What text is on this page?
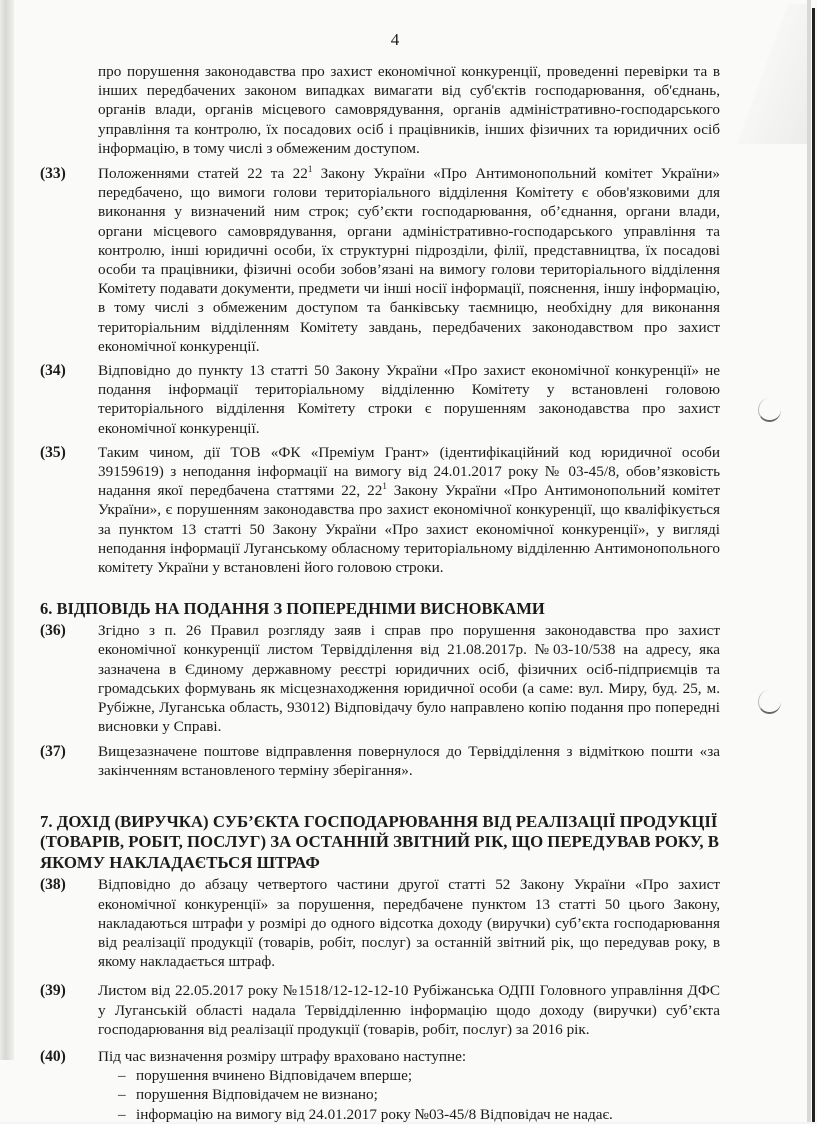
4
про порушення законодавства про захист економічної конкуренції, проведенні перевірки та в інших передбачених законом випадках вимагати від суб'єктів господарювання, об'єднань, органів влади, органів місцевого самоврядування, органів адміністративно-господарського управління та контролю, їх посадових осіб і працівників, інших фізичних та юридичних осіб інформацію, в тому числі з обмеженим доступом.
(33)	Положеннями статей 22 та $22^1$ Закону України «Про Антимонопольний комітет України» передбачено, що вимоги голови територіального відділення Комітету є обов'язковими для виконання у визначений ним строк; суб’єкти господарювання, об’єднання, органи влади, органи місцевого самоврядування, органи адміністративно-господарського управління та контролю, інші юридичні особи, їх структурні підрозділи, філії, представництва, їх посадові особи та працівники, фізичні особи зобов’язані на вимогу голови територіального відділення Комітету подавати документи, предмети чи інші носії інформації, пояснення, іншу інформацію, в тому числі з обмеженим доступом та банківську таємницю, необхідну для виконання територіальним відділенням Комітету завдань, передбачених законодавством про захист економічної конкуренції.
(34)	Відповідно до пункту 13 статті 50 Закону України «Про захист економічної конкуренції» не подання інформації територіальному відділенню Комітету у встановлені головою територіального відділення Комітету строки є порушенням законодавства про захист економічної конкуренції.
(35)	Таким чином, дії ТОВ «ФК «Преміум Грант» (ідентифікаційний код юридичної особи 39159619) з неподання інформації на вимогу від 24.01.2017 року № 03-45/8, обов’язковість надання якої передбачена статтями 22, $22^1$ Закону України «Про Антимонопольний комітет України», є порушенням законодавства про захист економічної конкуренції, що кваліфікується за пунктом 13 статті 50 Закону України «Про захист економічної конкуренції», у вигляді неподання інформації Луганському обласному територіальному відділенню Антимонопольного комітету України у встановлені його головою строки.
6. ВІДПОВІДЬ НА ПОДАННЯ З ПОПЕРЕДНІМИ ВИСНОВКАМИ
(36)	Згідно з п. 26 Правил розгляду заяв і справ про порушення законодавства про захист економічної конкуренції листом Тервідділення від 21.08.2017р. №03-10/538 на адресу, яка зазначена в Єдиному державному реєстрі юридичних осіб, фізичних осіб-підприємців та громадських формувань як місцезнаходження юридичної особи (а саме: вул. Миру, буд. 25, м. Рубіжне, Луганська область, 93012) Відповідачу було направлено копію подання про попередні висновки у Справі.
(37)	Вищезазначене поштове відправлення повернулося до Тервідділення з відміткою пошти «за закінченням встановленого терміну зберігання».
7. ДОХІД (ВИРУЧКА) СУБ’ЄКТА ГОСПОДАРЮВАННЯ ВІД РЕАЛІЗАЦІЇ ПРОДУКЦІЇ (ТОВАРІВ, РОБІТ, ПОСЛУГ) ЗА ОСТАННІЙ ЗВІТНИЙ РІК, ЩО ПЕРЕДУВАВ РОКУ, В ЯКОМУ НАКЛАДАЄТЬСЯ ШТРАФ
(38)	Відповідно до абзацу четвертого частини другої статті 52 Закону України «Про захист економічної конкуренції» за порушення, передбачене пунктом 13 статті 50 цього Закону, накладаються штрафи у розмірі до одного відсотка доходу (виручки) суб’єкта господарювання від реалізації продукції (товарів, робіт, послуг) за останній звітний рік, що передував року, в якому накладається штраф.
(39)	Листом від 22.05.2017 року №1518/12-12-12-10 Рубіжанська ОДПІ Головного управління ДФС у Луганській області надала Тервідділенню інформацію щодо доходу (виручки) суб’єкта господарювання від реалізації продукції (товарів, робіт, послуг) за 2016 рік.
(40)	Під час визначення розміру штрафу враховано наступне:
– порушення вчинено Відповідачем вперше;
– порушення Відповідачем не визнано;
– інформацію на вимогу від 24.01.2017 року №03-45/8 Відповідач не надає.
